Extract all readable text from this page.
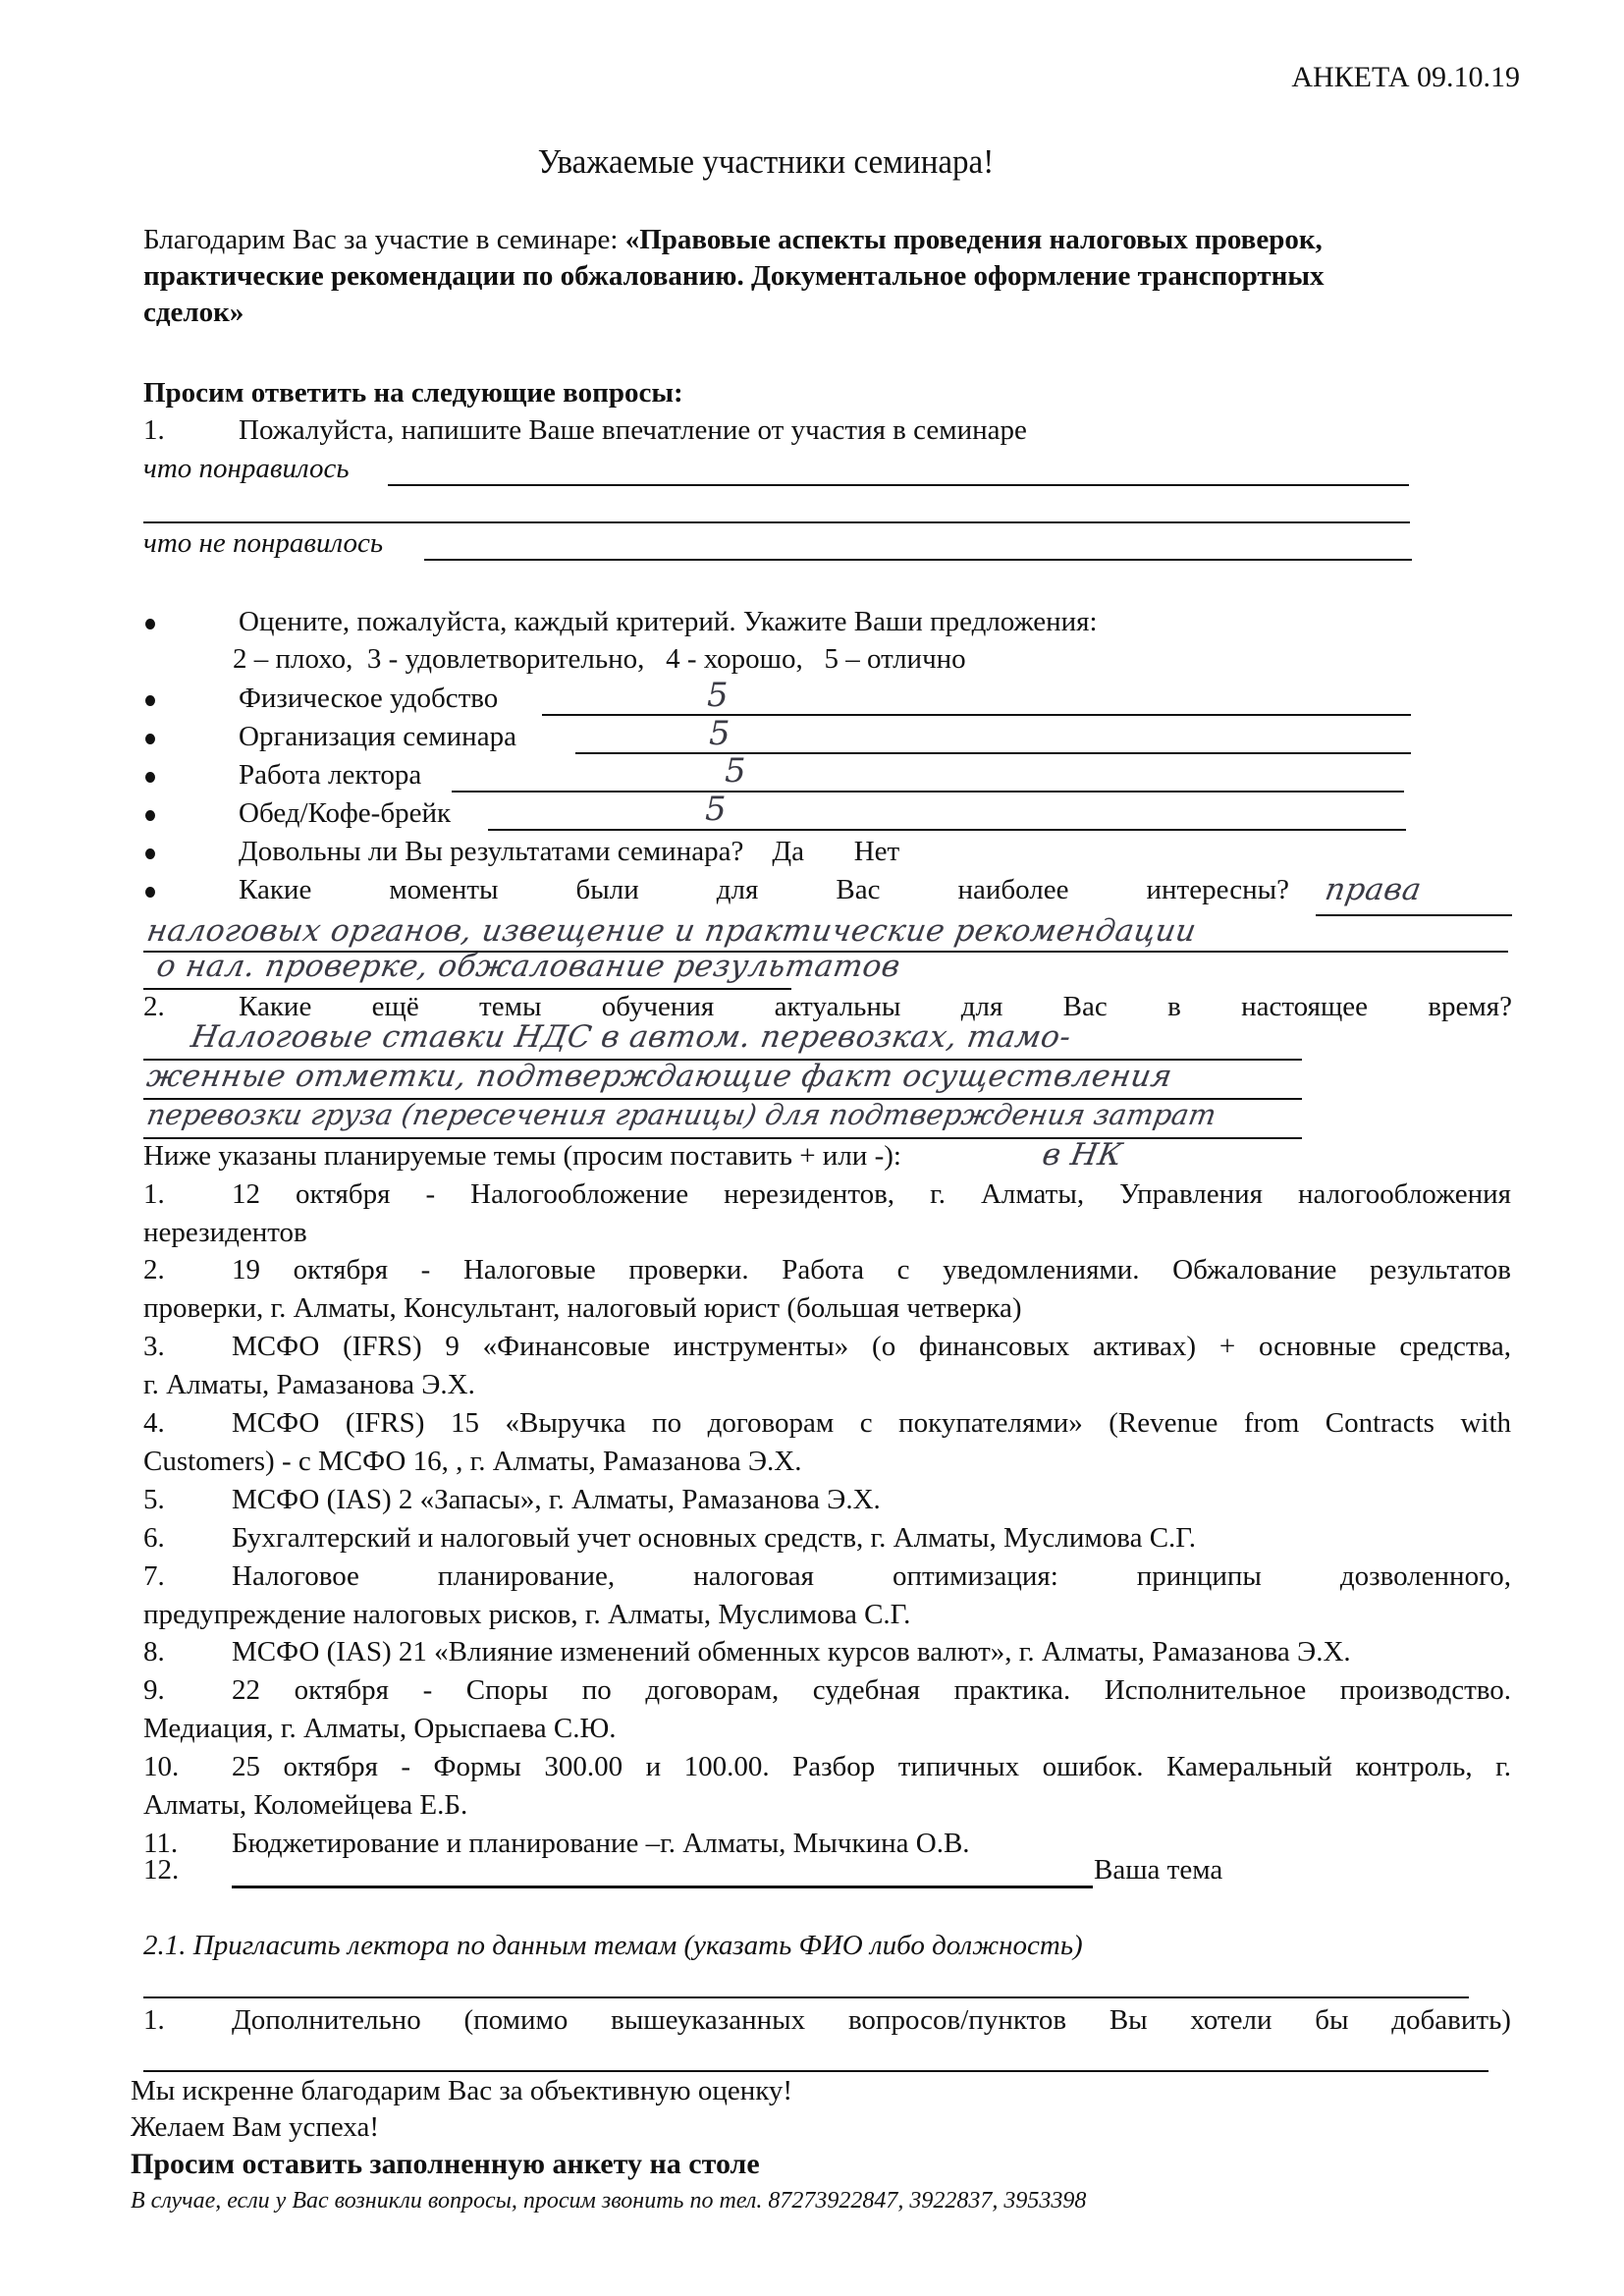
АНКЕТА 09.10.19
Уважаемые участники семинара!
Благодарим Вас за участие в семинаре: «Правовые аспекты проведения налоговых проверок,
практические рекомендации по обжалованию. Документальное оформление транспортных
сделок»
Просим ответить на следующие вопросы:
1.	Пожалуйста, напишите Ваше впечатление от участия в семинаре
что понравилось
что не понравилось
Оцените, пожалуйста, каждый критерий. Укажите Ваши предложения:
2 – плохо, 3 - удовлетворительно, 4 - хорошо, 5 – отлично
Физическое удобство	5
Организация семинара	5
Работа лектора	5
Обед/Кофе-брейк	5
Довольны ли Вы результатами семинара? Да Нет
Какие	моменты	были	для	Вас	наиболее	интересны? права
налоговых органов, извещение и практические рекомендации
о нал. проверке, обжалование результатов
2.	Какие ещё темы обучения актуальны для Вас в настоящее время?
Налоговые ставки НДС в автом. перевозках, тамо-
женные отметки, подтверждающие факт осуществления
перевозки груза (пересечения границы) для подтверждения затрат
Ниже указаны планируемые темы (просим поставить + или -):	в НК
1. 12 октября - Налогообложение нерезидентов, г. Алматы, Управления налогообложения
нерезидентов
2. 19 октября - Налоговые проверки. Работа с уведомлениями. Обжалование результатов
проверки, г. Алматы, Консультант, налоговый юрист (большая четверка)
3. МСФО (IFRS) 9 «Финансовые инструменты» (о финансовых активах) + основные средства,
г. Алматы, Рамазанова Э.Х.
4. МСФО (IFRS) 15 «Выручка по договорам с покупателями» (Revenue from Contracts with
Customers) - с МСФО 16, , г. Алматы, Рамазанова Э.Х.
5. МСФО (IAS) 2 «Запасы», г. Алматы, Рамазанова Э.Х.
6. Бухгалтерский и налоговый учет основных средств, г. Алматы, Муслимова С.Г.
7. Налоговое планирование, налоговая оптимизация: принципы дозволенного,
предупреждение налоговых рисков, г. Алматы, Муслимова С.Г.
8. МСФО (IAS) 21 «Влияние изменений обменных курсов валют», г. Алматы, Рамазанова Э.Х.
9. 22 октября - Споры по договорам, судебная практика. Исполнительное производство.
Медиация, г. Алматы, Орыспаева С.Ю.
10. 25 октября - Формы 300.00 и 100.00. Разбор типичных ошибок. Камеральный контроль, г.
Алматы, Коломейцева Е.Б.
11. Бюджетирование и планирование –г. Алматы, Мычкина О.В.
12.	Ваша тема
2.1. Пригласить лектора по данным темам (указать ФИО либо должность)
1. Дополнительно (помимо вышеуказанных вопросов/пунктов Вы хотели бы добавить)
Мы искренне благодарим Вас за объективную оценку!
Желаем Вам успеха!
Просим оставить заполненную анкету на столе
В случае, если у Вас возникли вопросы, просим звонить по тел. 87273922847, 3922837, 3953398
